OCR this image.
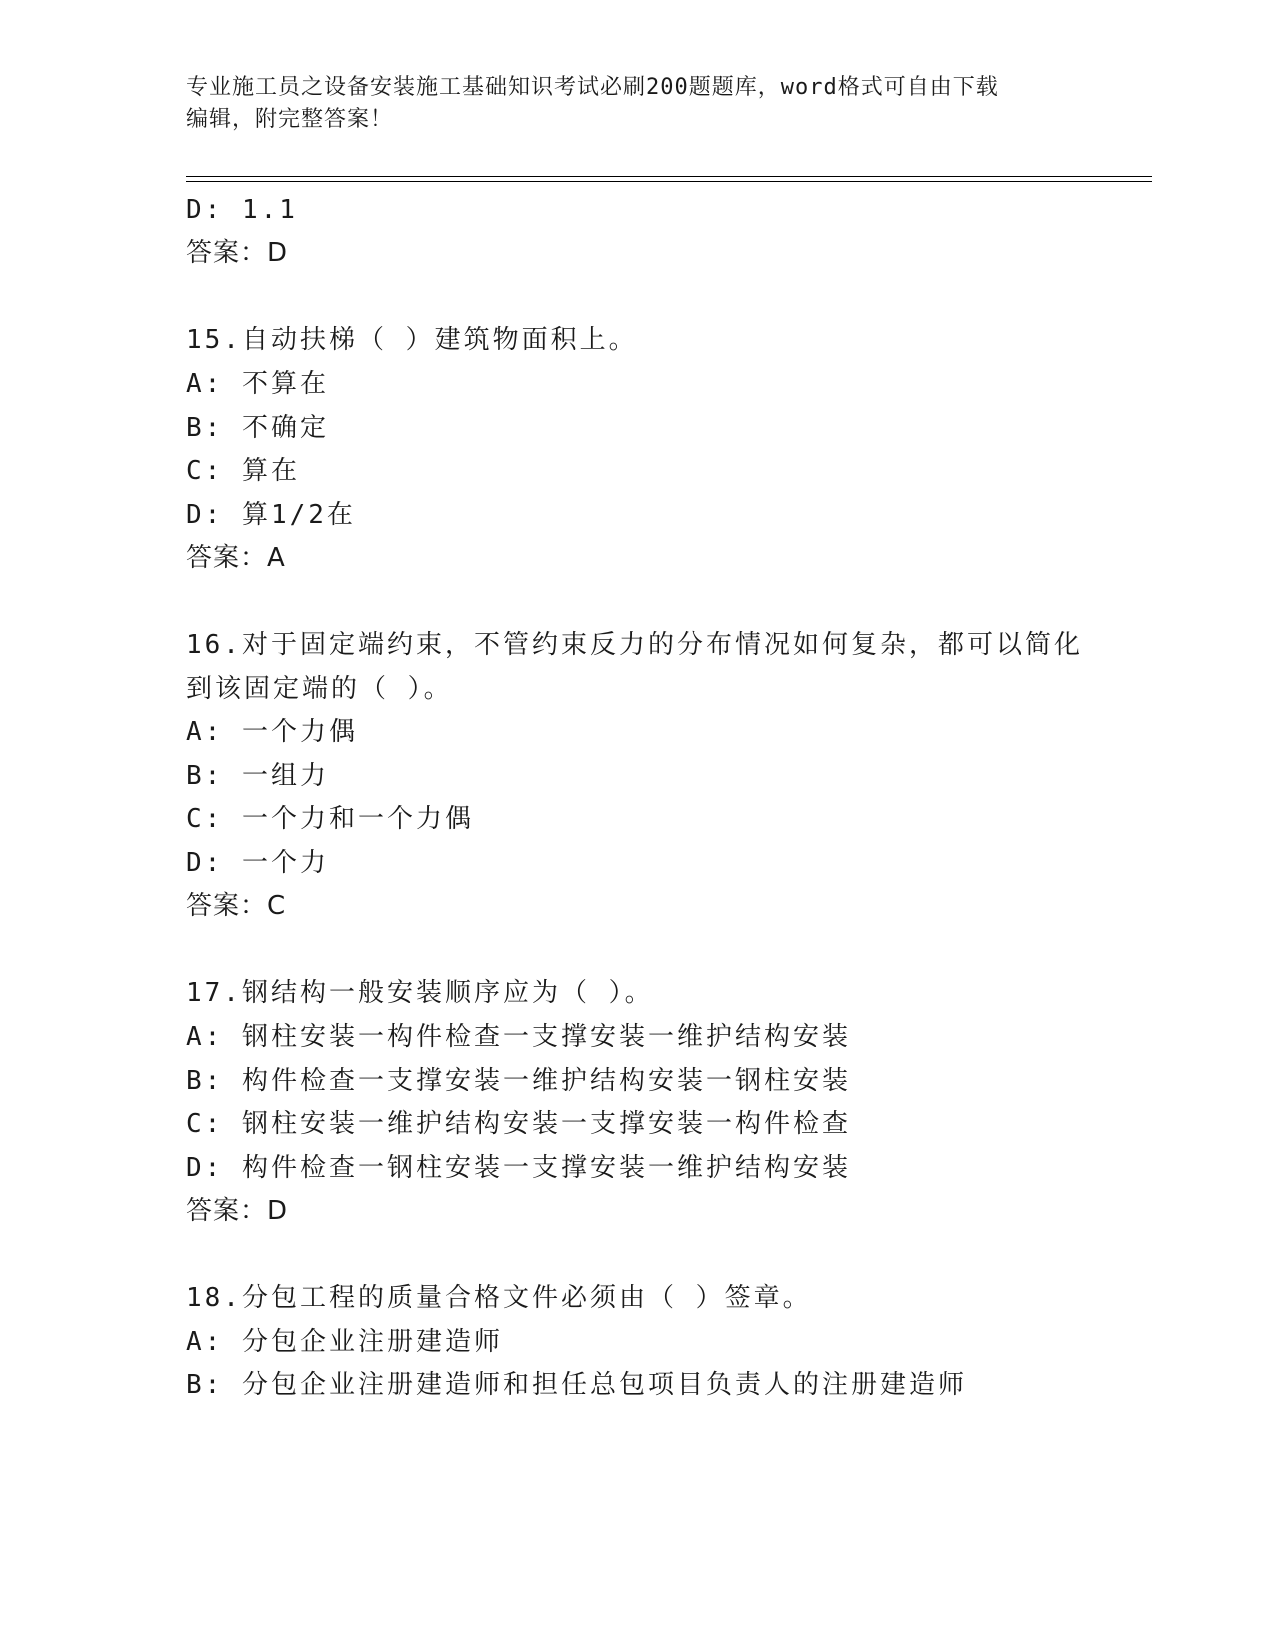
专业施工员之设备安装施工基础知识考试必刷200题题库，word格式可自由下载
编辑，附完整答案！
D: 1.1
答案：D
15.自动扶梯（ ）建筑物面积上。
A: 不算在
B: 不确定
C: 算在
D: 算1/2在
答案：A
16.对于固定端约束，不管约束反力的分布情况如何复杂，都可以简化
到该固定端的（ ）。
A: 一个力偶
B: 一组力
C: 一个力和一个力偶
D: 一个力
答案：C
17.钢结构一般安装顺序应为（ ）。
A: 钢柱安装一构件检查一支撑安装一维护结构安装
B: 构件检查一支撑安装一维护结构安装一钢柱安装
C: 钢柱安装一维护结构安装一支撑安装一构件检查
D: 构件检查一钢柱安装一支撑安装一维护结构安装
答案：D
18.分包工程的质量合格文件必须由（ ）签章。
A: 分包企业注册建造师
B: 分包企业注册建造师和担任总包项目负责人的注册建造师
